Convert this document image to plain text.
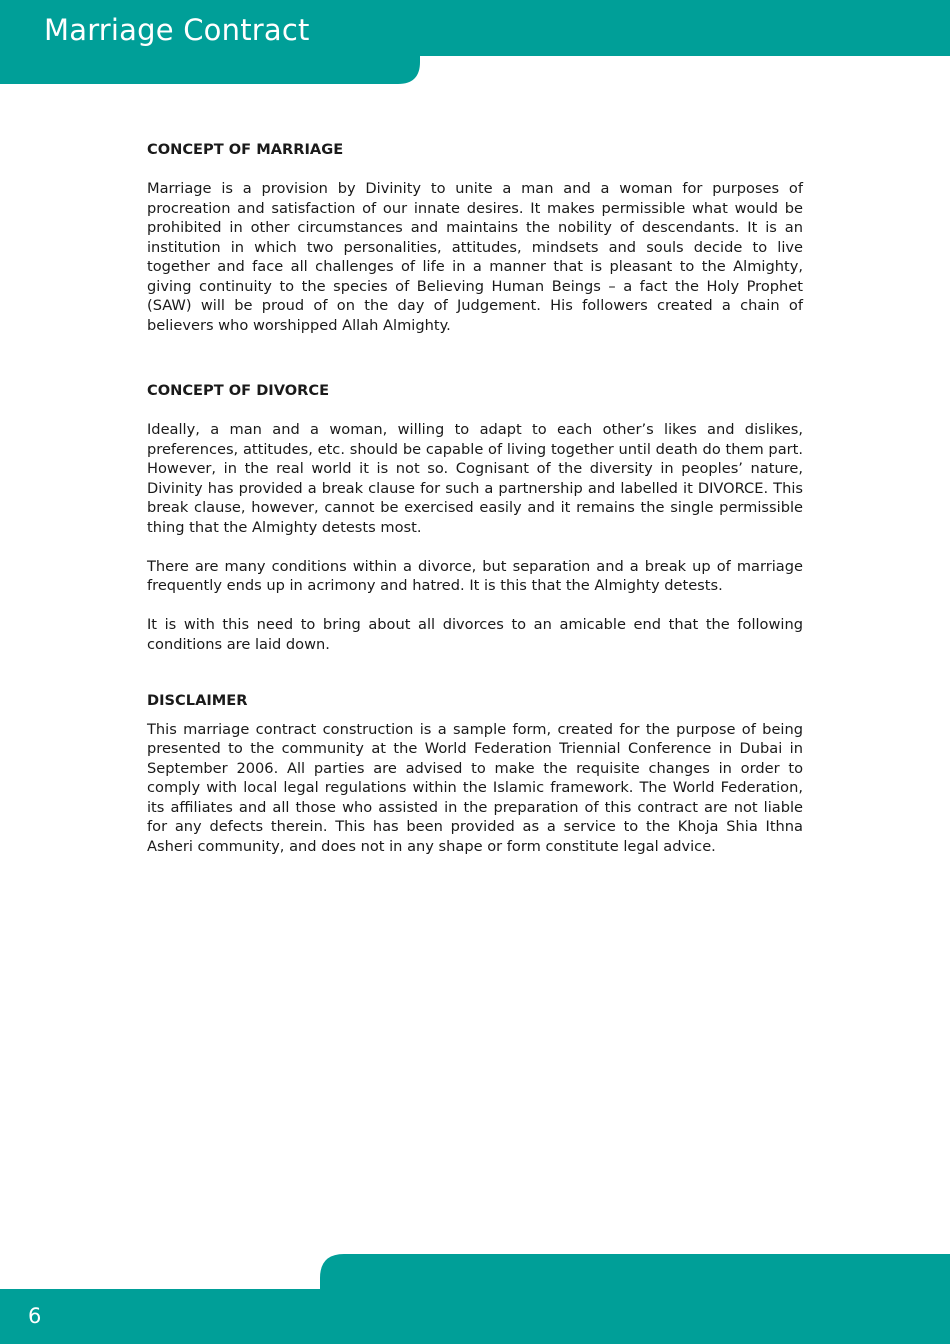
Marriage Contract
CONCEPT OF MARRIAGE

Marriage is a provision by Divinity to unite a man and a woman for purposes of procreation and satisfaction of our innate desires. It makes permissible what would be prohibited in other circumstances and maintains the nobility of descendants. It is an institution in which two personalities, attitudes, mindsets and souls decide to live together and face all challenges of life in a manner that is pleasant to the Almighty, giving continuity to the species of Believing Human Beings – a fact the Holy Prophet (SAW) will be proud of on the day of Judgement. His followers created a chain of believers who worshipped Allah Almighty.

CONCEPT OF DIVORCE

Ideally, a man and a woman, willing to adapt to each other’s likes and dislikes, preferences, attitudes, etc. should be capable of living together until death do them part. However, in the real world it is not so. Cognisant of the diversity in peoples’ nature, Divinity has provided a break clause for such a partnership and labelled it DIVORCE. This break clause, however, cannot be exercised easily and it remains the single permissible thing that the Almighty detests most.

There are many conditions within a divorce, but separation and a break up of marriage frequently ends up in acrimony and hatred. It is this that the Almighty detests.

It is with this need to bring about all divorces to an amicable end that the following conditions are laid down.

DISCLAIMER

This marriage contract construction is a sample form, created for the purpose of being presented to the community at the World Federation Triennial Conference in Dubai in September 2006. All parties are advised to make the requisite changes in order to comply with local legal regulations within the Islamic framework. The World Federation, its affiliates and all those who assisted in the preparation of this contract are not liable for any defects therein. This has been provided as a service to the Khoja Shia Ithna Asheri community, and does not in any shape or form constitute legal advice.

6
